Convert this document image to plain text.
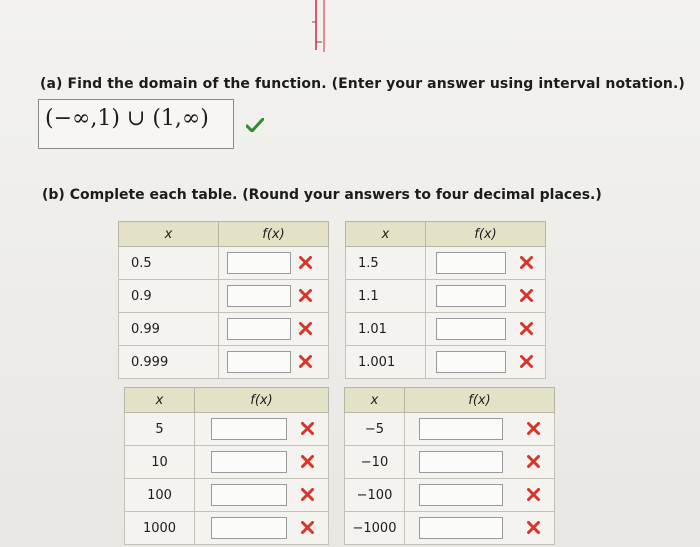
(a) Find the domain of the function. (Enter your answer using interval notation.)
(−∞,1) ∪ (1,∞)
(b) Complete each table. (Round your answers to four decimal places.)
x	f(x)
0.5	

0.9	

0.99	

0.999	
x	f(x)
1.5	

1.1	

1.01	

1.001	
x	f(x)
5	

10	

100	

1000	
x	f(x)
−5	

−10	

−100	

−1000	
